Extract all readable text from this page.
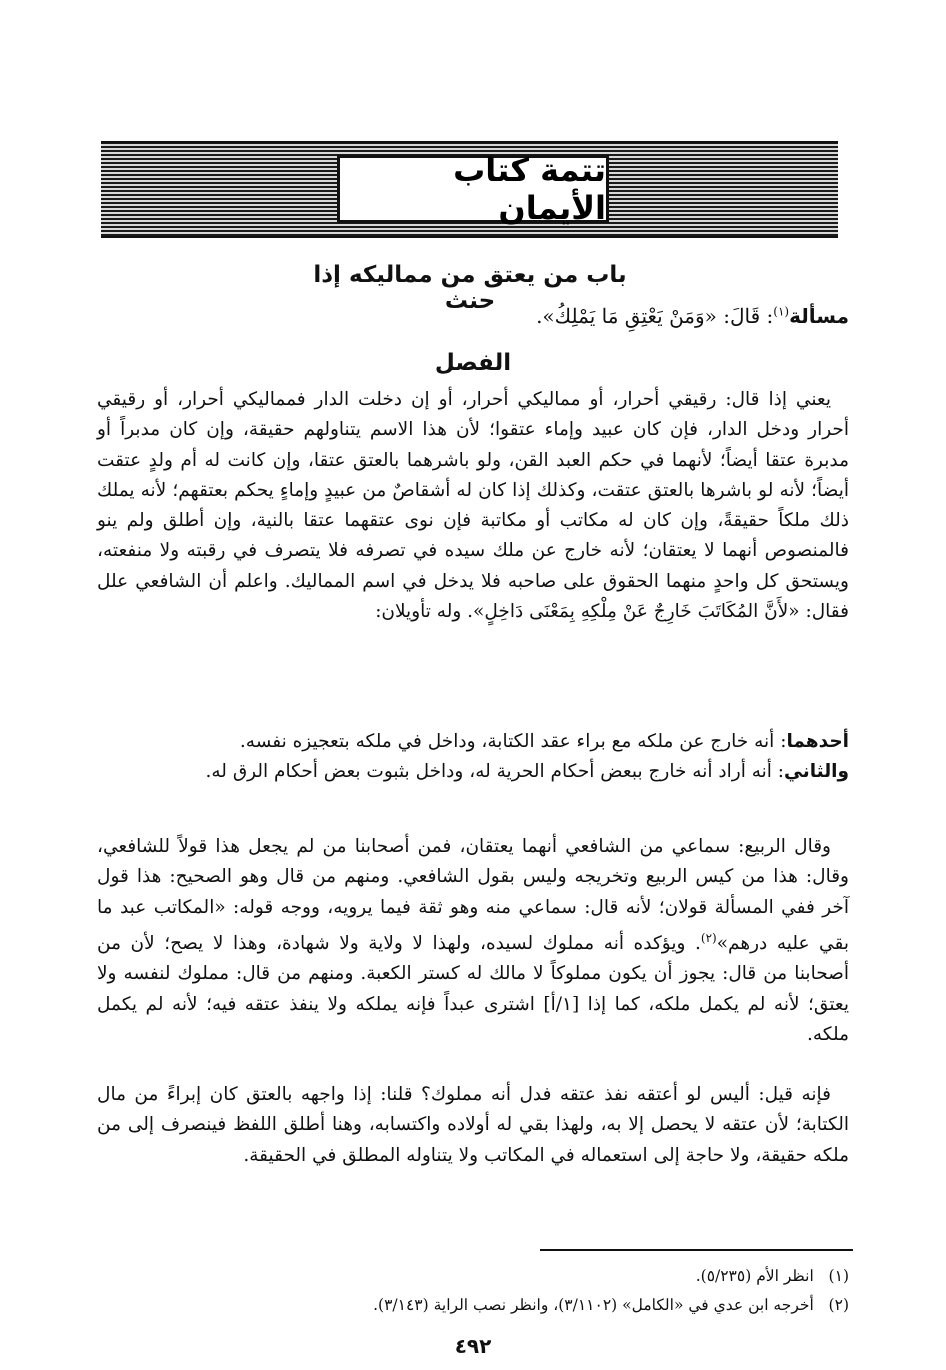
تتمة كتاب الأيمان
باب من يعتق من مماليكه إذا حنث
مسألة$^{(١)}$: قَالَ: «وَمَنْ يَعْتِقِ مَا يَمْلِكُ».
الفصل

يعني إذا قال: رقيقي أحرار، أو مماليكي أحرار، أو إن دخلت الدار فمماليكي أحرار، أو رقيقي أحرار ودخل الدار، فإن كان عبيد وإماء عتقوا؛ لأن هذا الاسم يتناولهم حقيقة، وإن كان مدبراً أو مدبرة عتقا أيضاً؛ لأنهما في حكم العبد القن، ولو باشرهما بالعتق عتقا، وإن كانت له أم ولدٍ عتقت أيضاً؛ لأنه لو باشرها بالعتق عتقت، وكذلك إذا كان له أشقاصٌ من عبيدٍ وإماءٍ يحكم بعتقهم؛ لأنه يملك ذلك ملكاً حقيقةً، وإن كان له مكاتب أو مكاتبة فإن نوى عتقهما عتقا بالنية، وإن أطلق ولم ينو فالمنصوص أنهما لا يعتقان؛ لأنه خارج عن ملك سيده في تصرفه فلا يتصرف في رقبته ولا منفعته، ويستحق كل واحدٍ منهما الحقوق على صاحبه فلا يدخل في اسم المماليك. واعلم أن الشافعي علل فقال: «لأَنَّ المُكَاتَبَ خَارِجٌ عَنْ مِلْكِهِ بِمَعْنَى دَاخِلٍ». وله تأويلان:

أحدهما: أنه خارج عن ملكه مع براء عقد الكتابة، وداخل في ملكه بتعجيزه نفسه.

والثاني: أنه أراد أنه خارج ببعض أحكام الحرية له، وداخل بثبوت بعض أحكام الرق له.

وقال الربيع: سماعي من الشافعي أنهما يعتقان، فمن أصحابنا من لم يجعل هذا قولاً للشافعي، وقال: هذا من كيس الربيع وتخريجه وليس بقول الشافعي. ومنهم من قال وهو الصحيح: هذا قول آخر ففي المسألة قولان؛ لأنه قال: سماعي منه وهو ثقة فيما يرويه، ووجه قوله: «المكاتب عبد ما بقي عليه درهم»$^{(٢)}$. ويؤكده أنه مملوك لسيده، ولهذا لا ولاية ولا شهادة، وهذا لا يصح؛ لأن من أصحابنا من قال: يجوز أن يكون مملوكاً لا مالك له كستر الكعبة. ومنهم من قال: مملوك لنفسه ولا يعتق؛ لأنه لم يكمل ملكه، كما إذا [١/أ] اشترى عبداً فإنه يملكه ولا ينفذ عتقه فيه؛ لأنه لم يكمل ملكه.

فإنه قيل: أليس لو أعتقه نفذ عتقه فدل أنه مملوك؟ قلنا: إذا واجهه بالعتق كان إبراءً من مال الكتابة؛ لأن عتقه لا يحصل إلا به، ولهذا بقي له أولاده واكتسابه، وهنا أطلق اللفظ فينصرف إلى من ملكه حقيقة، ولا حاجة إلى استعماله في المكاتب ولا يتناوله المطلق في الحقيقة.

(١)   انظر الأم (٥/٢٣٥).
(٢)   أخرجه ابن عدي في «الكامل» (٣/١١٠٢)، وانظر نصب الراية (٣/١٤٣).
٤٩٢
